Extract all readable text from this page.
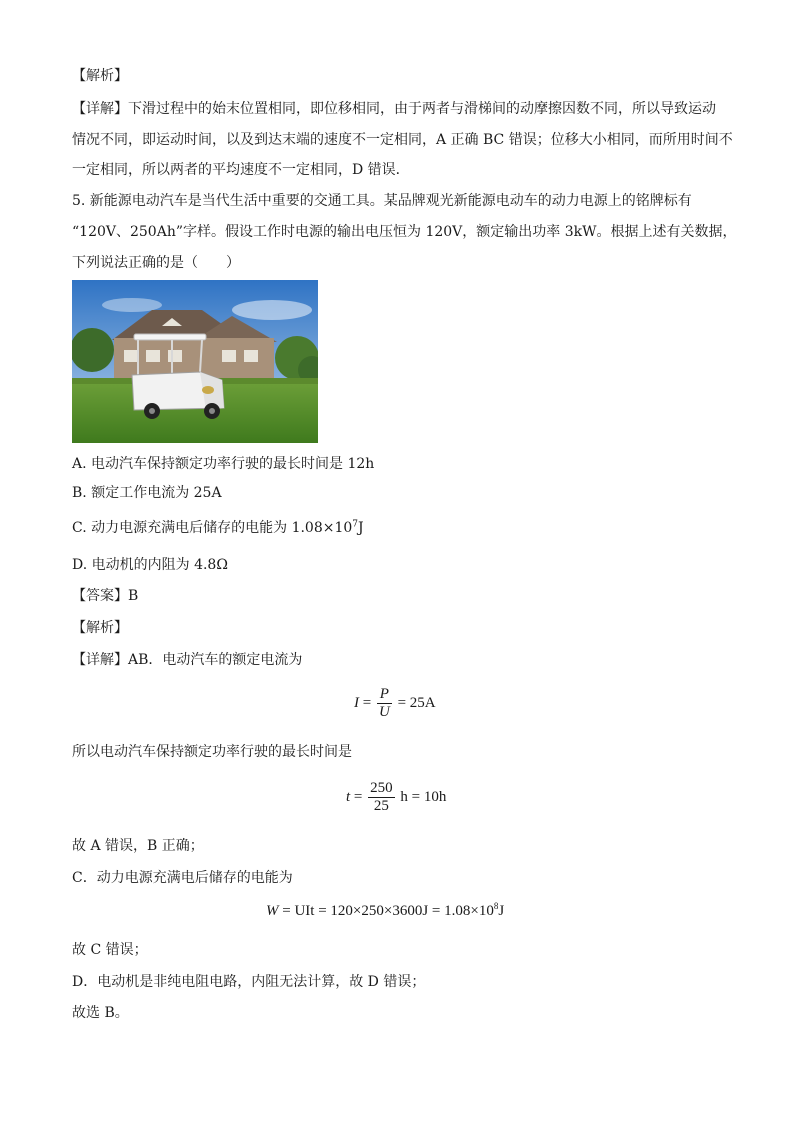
【解析】
【详解】下滑过程中的始末位置相同，即位移相同，由于两者与滑梯间的动摩擦因数不同，所以导致运动
情况不同，即运动时间，以及到达末端的速度不一定相同，A 正确 BC 错误；位移大小相同，而所用时间不
一定相同，所以两者的平均速度不一定相同，D 错误．
5. 新能源电动汽车是当代生活中重要的交通工具。某品牌观光新能源电动车的动力电源上的铭牌标有
“120V、250Ah”字样。假设工作时电源的输出电压恒为 120V，额定输出功率 3kW。根据上述有关数据，
下列说法正确的是（　　）
A. 电动汽车保持额定功率行驶的最长时间是 12h
B. 额定工作电流为 25A
C. 动力电源充满电后储存的电能为 $1.08\times 10^7J$
D. 电动机的内阻为 4.8Ω
【答案】B
【解析】
【详解】AB．电动汽车的额定电流为
$I = \frac{P}{U} = 25A$
所以电动汽车保持额定功率行驶的最长时间是
$t = \frac{250}{25}$ h = 10h
故 A 错误，B 正确；
C．动力电源充满电后储存的电能为
W = UIt = $120\times 250\times 3600J = 1.08\times 10^8J$
故 C 错误；
D．电动机是非纯电阻电路，内阻无法计算，故 D 错误；
故选 B。
